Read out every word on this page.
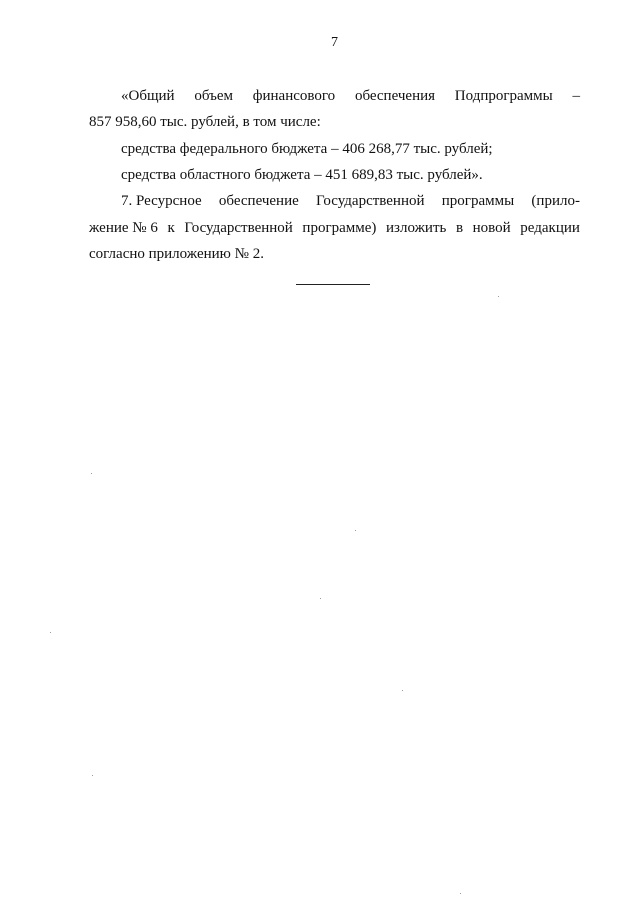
7
«Общий объем финансового обеспечения Подпрограммы –
857 958,60 тыс. рублей, в том числе:
средства федерального бюджета – 406 268,77 тыс. рублей;
средства областного бюджета – 451 689,83 тыс. рублей».
7. Ресурсное обеспечение Государственной программы (прило-
жение № 6 к Государственной программе) изложить в новой редакции
согласно приложению № 2.
